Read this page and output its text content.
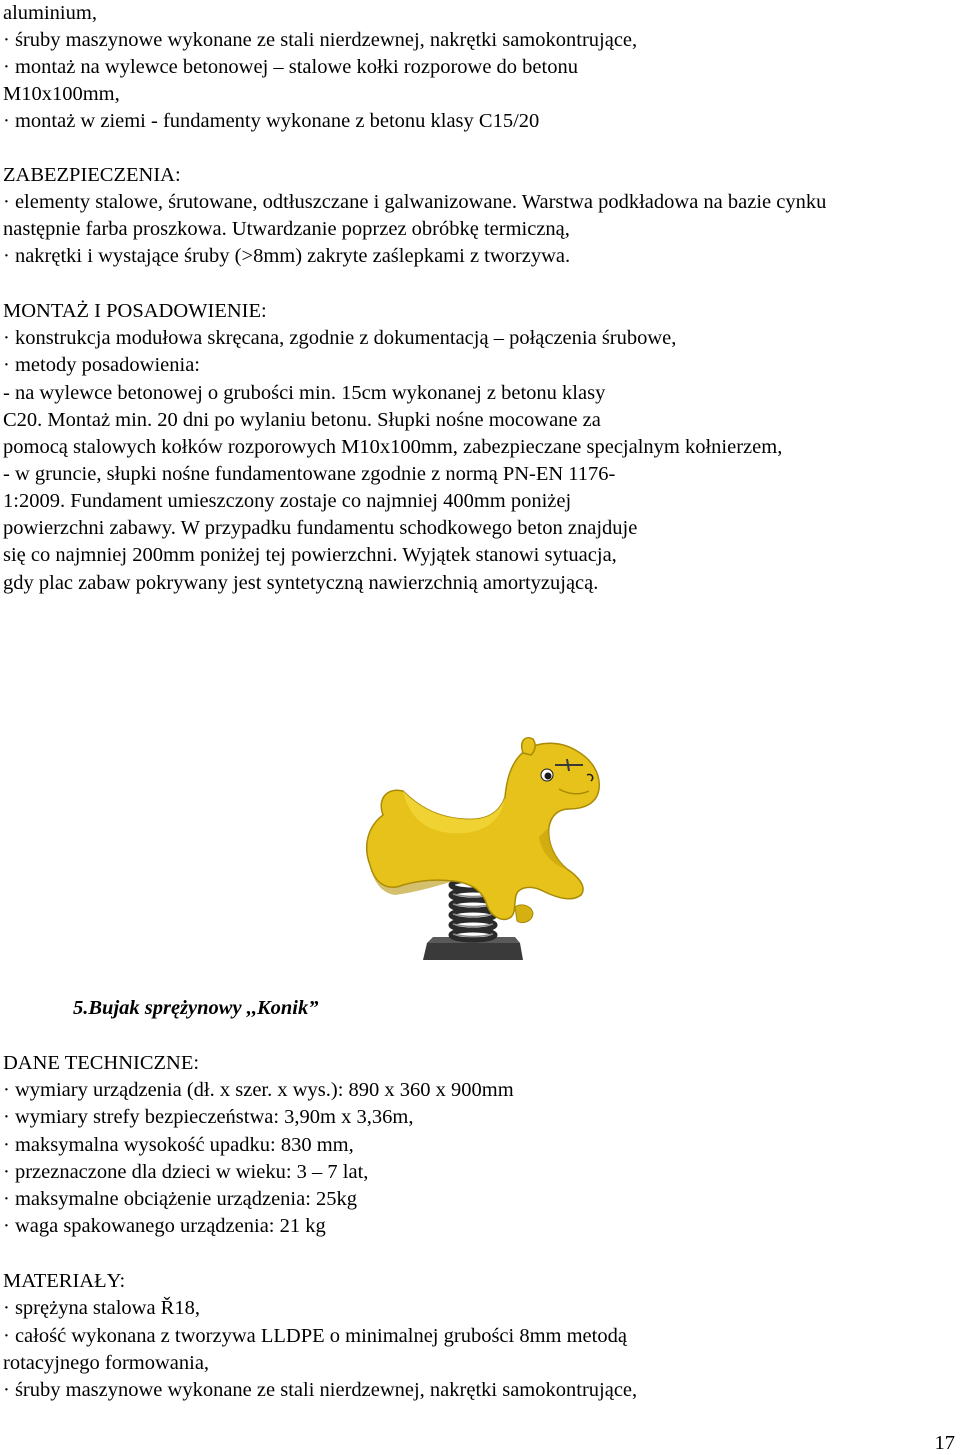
aluminium,
· śruby maszynowe wykonane ze stali nierdzewnej, nakrętki samokontrujące,
· montaż na wylewce betonowej – stalowe kołki rozporowe do betonu
M10x100mm,
· montaż w ziemi - fundamenty wykonane z betonu klasy C15/20
ZABEZPIECZENIA:
· elementy stalowe, śrutowane, odtłuszczane i galwanizowane. Warstwa podkładowa na bazie cynku
następnie farba proszkowa. Utwardzanie poprzez obróbkę termiczną,
· nakrętki i wystające śruby (>8mm) zakryte zaślepkami z tworzywa.
MONTAŻ I POSADOWIENIE:
· konstrukcja modułowa skręcana, zgodnie z dokumentacją – połączenia śrubowe,
· metody posadowienia:
- na wylewce betonowej o grubości min. 15cm wykonanej z betonu klasy
C20. Montaż min. 20 dni po wylaniu betonu. Słupki nośne mocowane za
pomocą stalowych kołków rozporowych M10x100mm, zabezpieczane specjalnym kołnierzem,
- w gruncie, słupki nośne fundamentowane zgodnie z normą PN-EN 1176-
1:2009. Fundament umieszczony zostaje co najmniej 400mm poniżej
powierzchni zabawy. W przypadku fundamentu schodkowego beton znajduje
się co najmniej 200mm poniżej tej powierzchni. Wyjątek stanowi sytuacja,
gdy plac zabaw pokrywany jest syntetyczną nawierzchnią amortyzującą.
5.Bujak sprężynowy ,,Konik”
DANE TECHNICZNE:
· wymiary urządzenia (dł. x szer. x wys.): 890 x 360 x 900mm
· wymiary strefy bezpieczeństwa: 3,90m x 3,36m,
· maksymalna wysokość upadku: 830 mm,
· przeznaczone dla dzieci w wieku: 3 – 7 lat,
· maksymalne obciążenie urządzenia: 25kg
· waga spakowanego urządzenia: 21 kg
MATERIAŁY:
· sprężyna stalowa Ř18,
· całość wykonana z tworzywa LLDPE o minimalnej grubości 8mm metodą
rotacyjnego formowania,
· śruby maszynowe wykonane ze stali nierdzewnej, nakrętki samokontrujące,
17
